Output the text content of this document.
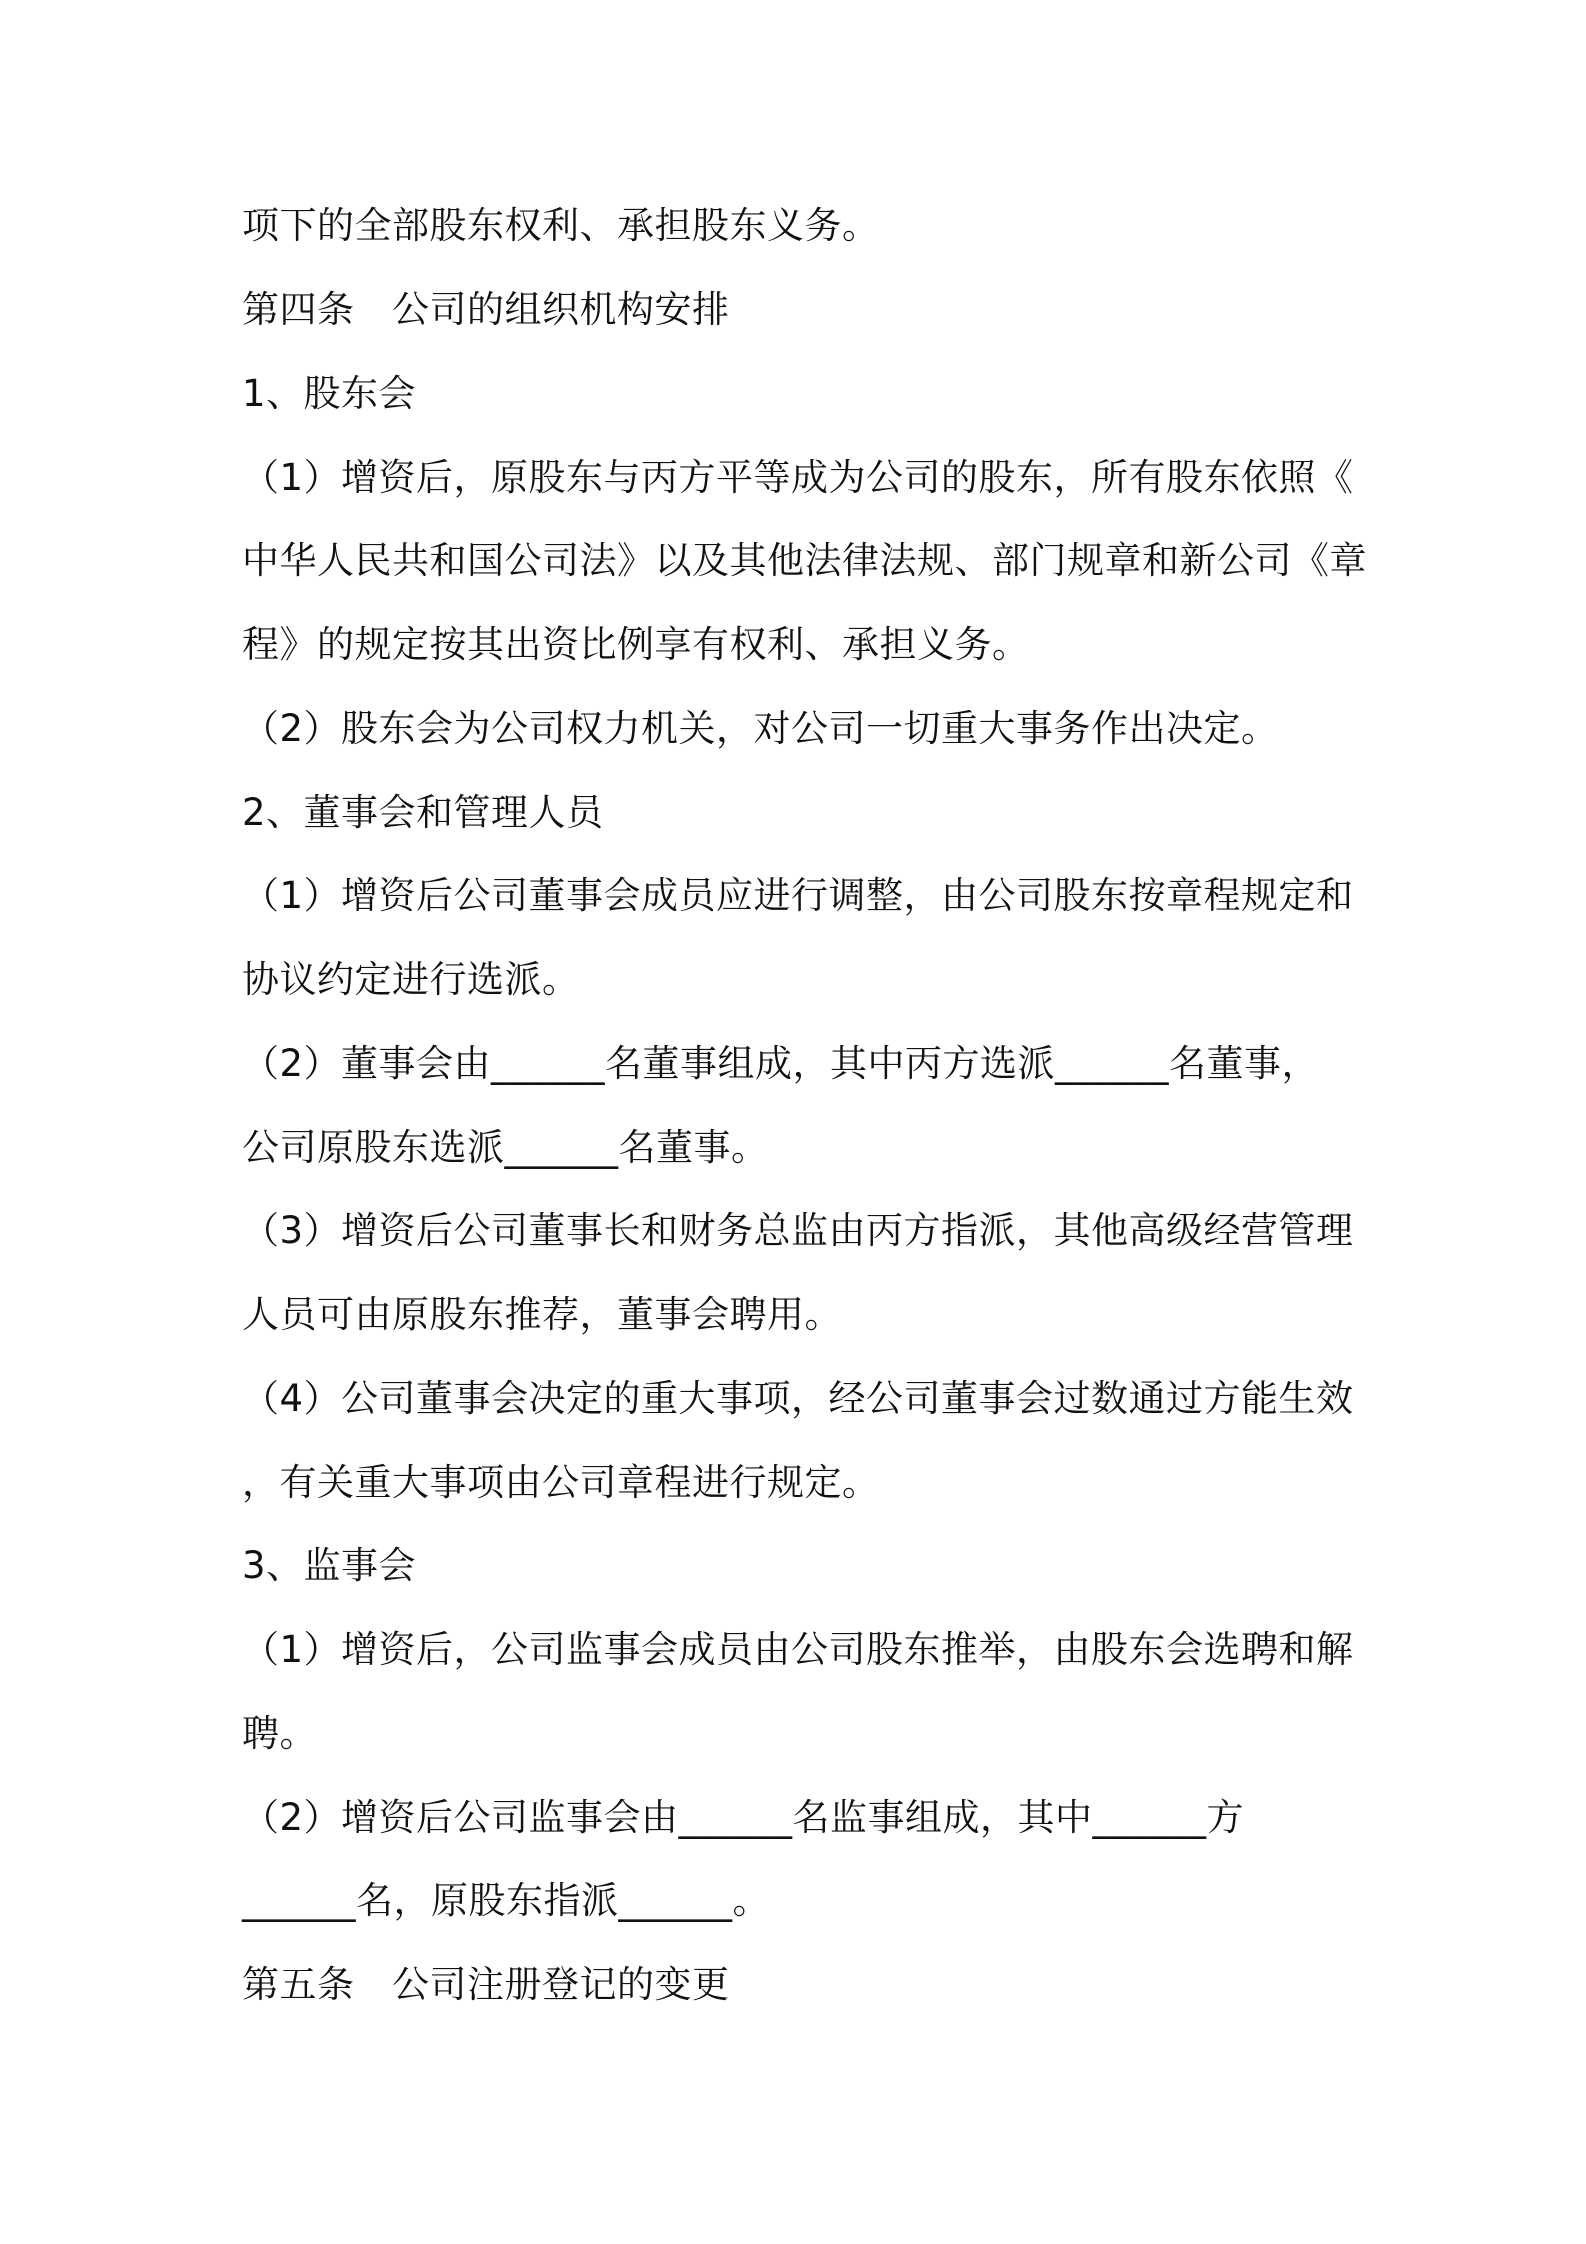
项下的全部股东权利、承担股东义务。
第四条　公司的组织机构安排
1、股东会
（1）增资后，原股东与丙方平等成为公司的股东，所有股东依照《
中华人民共和国公司法》以及其他法律法规、部门规章和新公司《章
程》的规定按其出资比例享有权利、承担义务。
（2）股东会为公司权力机关，对公司一切重大事务作出决定。
2、董事会和管理人员
（1）增资后公司董事会成员应进行调整，由公司股东按章程规定和
协议约定进行选派。
（2）董事会由______名董事组成，其中丙方选派______名董事，
公司原股东选派______名董事。
（3）增资后公司董事长和财务总监由丙方指派，其他高级经营管理
人员可由原股东推荐，董事会聘用。
（4）公司董事会决定的重大事项，经公司董事会过数通过方能生效
，有关重大事项由公司章程进行规定。
3、监事会
（1）增资后，公司监事会成员由公司股东推举，由股东会选聘和解
聘。
（2）增资后公司监事会由______名监事组成，其中______方
______名，原股东指派______。
第五条　公司注册登记的变更
